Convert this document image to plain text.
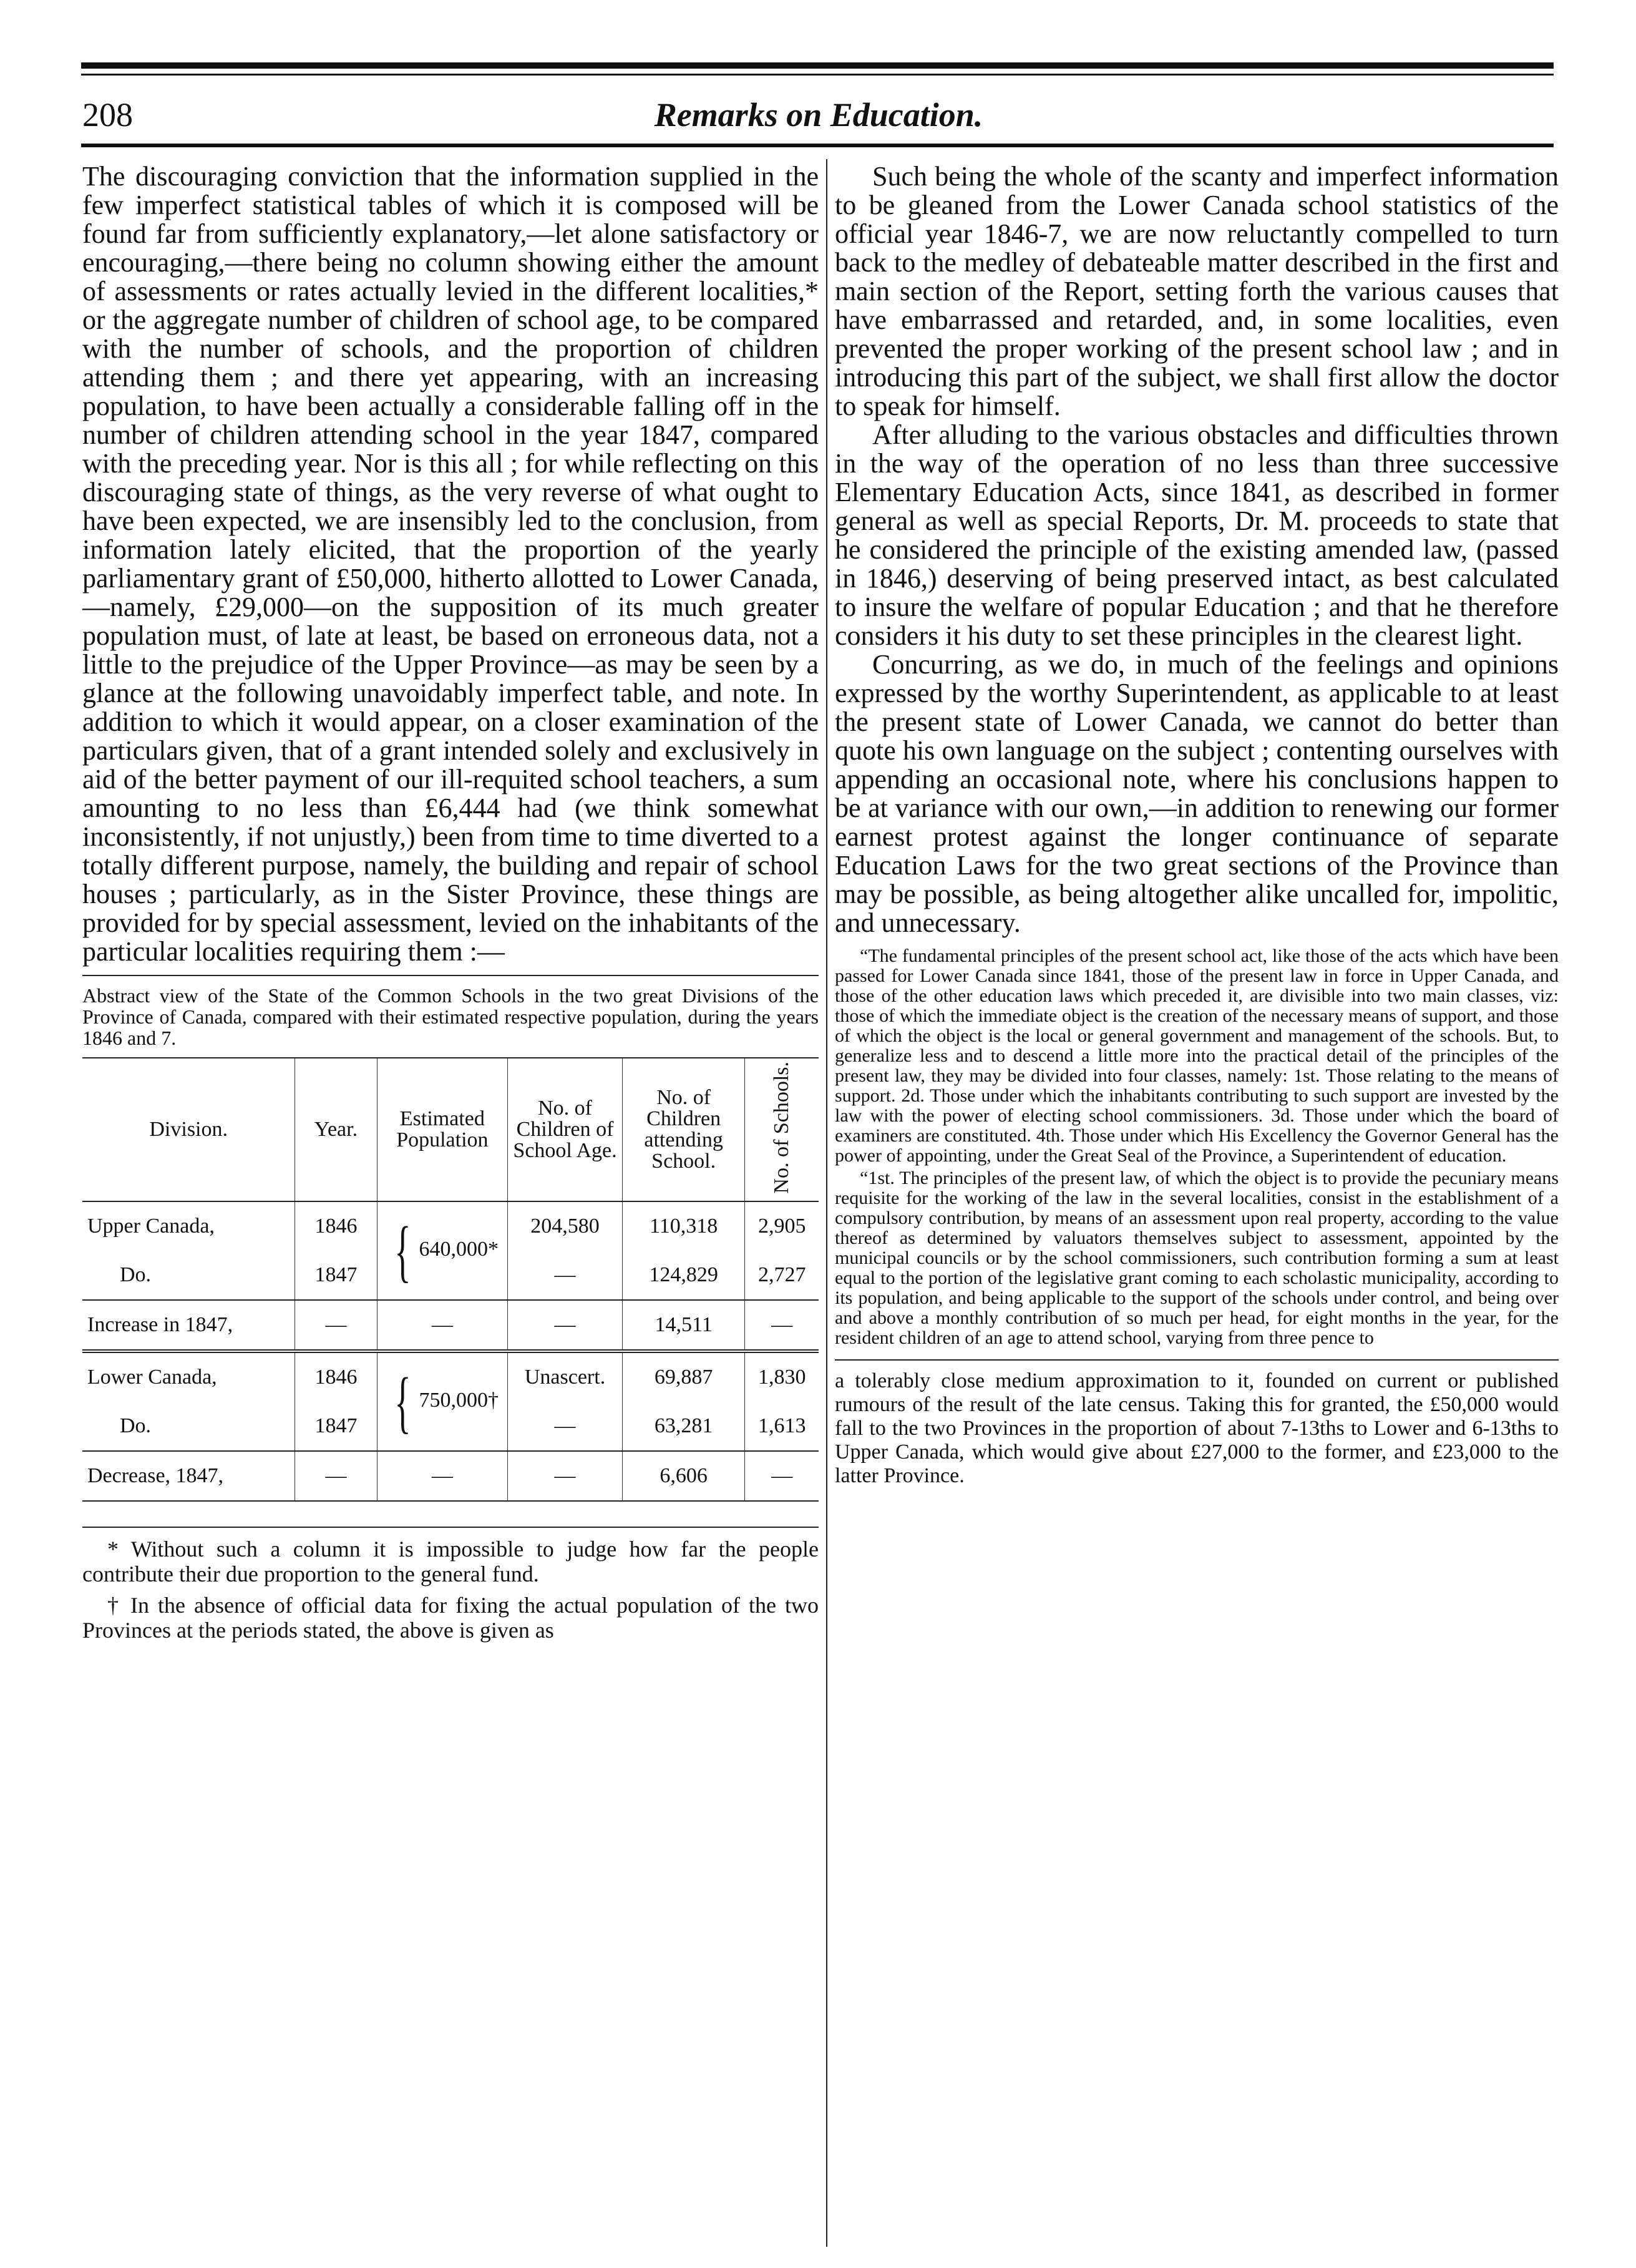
208	Remarks on Education.

The discouraging conviction that the information supplied in the few imperfect statistical tables of which it is composed will be found far from sufficiently explanatory,—let alone satisfactory or encouraging,—there being no column showing either the amount of assessments or rates actually levied in the different localities,* or the aggregate number of children of school age, to be compared with the number of schools, and the proportion of children attending them ; and there yet appearing, with an increasing population, to have been actually a considerable falling off in the number of children attending school in the year 1847, compared with the preceding year. Nor is this all ; for while reflecting on this discouraging state of things, as the very reverse of what ought to have been expected, we are insensibly led to the conclusion, from information lately elicited, that the proportion of the yearly parliamentary grant of £50,000, hitherto allotted to Lower Canada,—namely, £29,000—on the supposition of its much greater population must, of late at least, be based on erroneous data, not a little to the prejudice of the Upper Province—as may be seen by a glance at the following unavoidably imperfect table, and note. In addition to which it would appear, on a closer examination of the particulars given, that of a grant intended solely and exclusively in aid of the better payment of our ill-requited school teachers, a sum amounting to no less than £6,444 had (we think somewhat inconsistently, if not unjustly,) been from time to time diverted to a totally different purpose, namely, the building and repair of school houses ; particularly, as in the Sister Province, these things are provided for by special assessment, levied on the inhabitants of the particular localities requiring them :—

Abstract view of the State of the Common Schools in the two great Divisions of the Province of Canada, compared with their estimated respective population, during the years 1846 and 7.

Division.	Year.	Estimated Population	No. of Children of School Age.	No. of Children attending School.	No. of Schools.
Upper Canada,	1846	{ 640,000*	204,580	110,318	2,905
Do.	1847		—	124,829	2,727
Increase in 1847,	—	—	—	14,511	—
Lower Canada,	1846	{ 750,000†	Unascert.	69,887	1,830
Do.	1847		—	63,281	1,613
Decrease, 1847,	—	—	—	6,606	—

* Without such a column it is impossible to judge how far the people contribute their due proportion to the general fund.

† In the absence of official data for fixing the actual population of the two Provinces at the periods stated, the above is given as

Such being the whole of the scanty and imperfect information to be gleaned from the Lower Canada school statistics of the official year 1846-7, we are now reluctantly compelled to turn back to the medley of debateable matter described in the first and main section of the Report, setting forth the various causes that have embarrassed and retarded, and, in some localities, even prevented the proper working of the present school law ; and in introducing this part of the subject, we shall first allow the doctor to speak for himself.

After alluding to the various obstacles and difficulties thrown in the way of the operation of no less than three successive Elementary Education Acts, since 1841, as described in former general as well as special Reports, Dr. M. proceeds to state that he considered the principle of the existing amended law, (passed in 1846,) deserving of being preserved intact, as best calculated to insure the welfare of popular Education ; and that he therefore considers it his duty to set these principles in the clearest light.

Concurring, as we do, in much of the feelings and opinions expressed by the worthy Superintendent, as applicable to at least the present state of Lower Canada, we cannot do better than quote his own language on the subject ; contenting ourselves with appending an occasional note, where his conclusions happen to be at variance with our own,—in addition to renewing our former earnest protest against the longer continuance of separate Education Laws for the two great sections of the Province than may be possible, as being altogether alike uncalled for, impolitic, and unnecessary.

“The fundamental principles of the present school act, like those of the acts which have been passed for Lower Canada since 1841, those of the present law in force in Upper Canada, and those of the other education laws which preceded it, are divisible into two main classes, viz: those of which the immediate object is the creation of the necessary means of support, and those of which the object is the local or general government and management of the schools. But, to generalize less and to descend a little more into the practical detail of the principles of the present law, they may be divided into four classes, namely: 1st. Those relating to the means of support. 2d. Those under which the inhabitants contributing to such support are invested by the law with the power of electing school commissioners. 3d. Those under which the board of examiners are constituted. 4th. Those under which His Excellency the Governor General has the power of appointing, under the Great Seal of the Province, a Superintendent of education.

“1st. The principles of the present law, of which the object is to provide the pecuniary means requisite for the working of the law in the several localities, consist in the establishment of a compulsory contribution, by means of an assessment upon real property, according to the value thereof as determined by valuators themselves subject to assessment, appointed by the municipal councils or by the school commissioners, such contribution forming a sum at least equal to the portion of the legislative grant coming to each scholastic municipality, according to its population, and being applicable to the support of the schools under control, and being over and above a monthly contribution of so much per head, for eight months in the year, for the resident children of an age to attend school, varying from three pence to

a tolerably close medium approximation to it, founded on current or published rumours of the result of the late census. Taking this for granted, the £50,000 would fall to the two Provinces in the proportion of about 7-13ths to Lower and 6-13ths to Upper Canada, which would give about £27,000 to the former, and £23,000 to the latter Province.
